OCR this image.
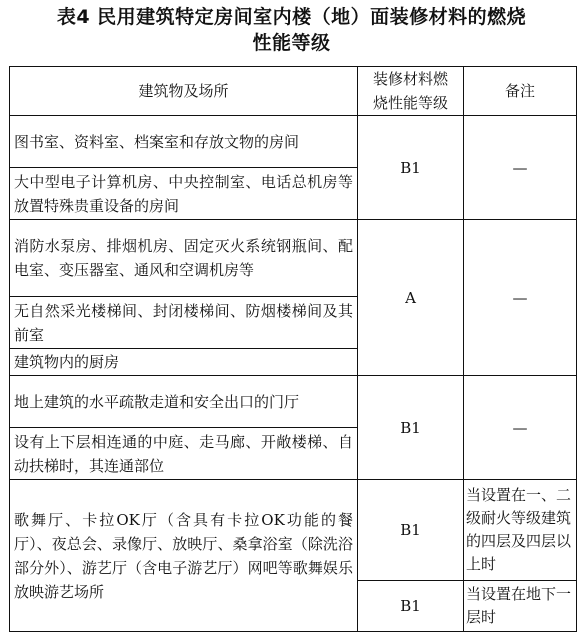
表4 民用建筑特定房间室内楼（地）面装修材料的燃烧
性能等级
建筑物及场所	装修材料燃烧性能等级	备注
图书室、资料室、档案室和存放文物的房间	B1	—
大中型电子计算机房、中央控制室、电话总机房等放置特殊贵重设备的房间		
消防水泵房、排烟机房、固定灭火系统钢瓶间、配电室、变压器室、通风和空调机房等	A	—
无自然采光楼梯间、封闭楼梯间、防烟楼梯间及其前室		
建筑物内的厨房		
地上建筑的水平疏散走道和安全出口的门厅	B1	—
设有上下层相连通的中庭、走马廊、开敞楼梯、自动扶梯时，其连通部位		
歌舞厅、卡拉OK厅（含具有卡拉OK功能的餐厅）、夜总会、录像厅、放映厅、桑拿浴室（除洗浴部分外）、游艺厅（含电子游艺厅）网吧等歌舞娱乐放映游艺场所	B1	当设置在一、二级耐火等级建筑的四层及四层以上时
	B1	当设置在地下一层时
